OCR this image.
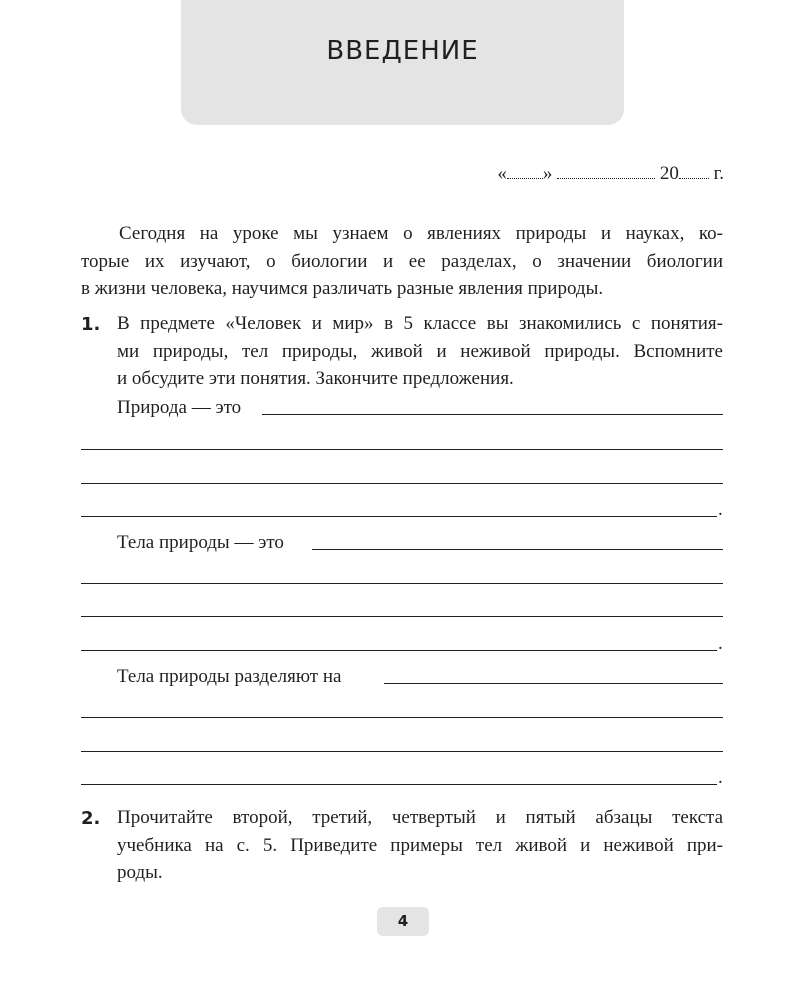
ВВЕДЕНИЕ
« »	20 г.
Сегодня на уроке мы узнаем о явлениях природы и науках, ко-
торые их изучают, о биологии и ее разделах, о значении биологии
в жизни человека, научимся различать разные явления природы.
1. В предмете «Человек и мир» в 5 классе вы знакомились с понятия-
ми природы, тел природы, живой и неживой природы. Вспомните
и обсудите эти понятия. Закончите предложения.
Природа — это
.
Тела природы — это
.
Тела природы разделяют на
.
2. Прочитайте второй, третий, четвертый и пятый абзацы текста
учебника на с. 5. Приведите примеры тел живой и неживой при-
роды.
4
